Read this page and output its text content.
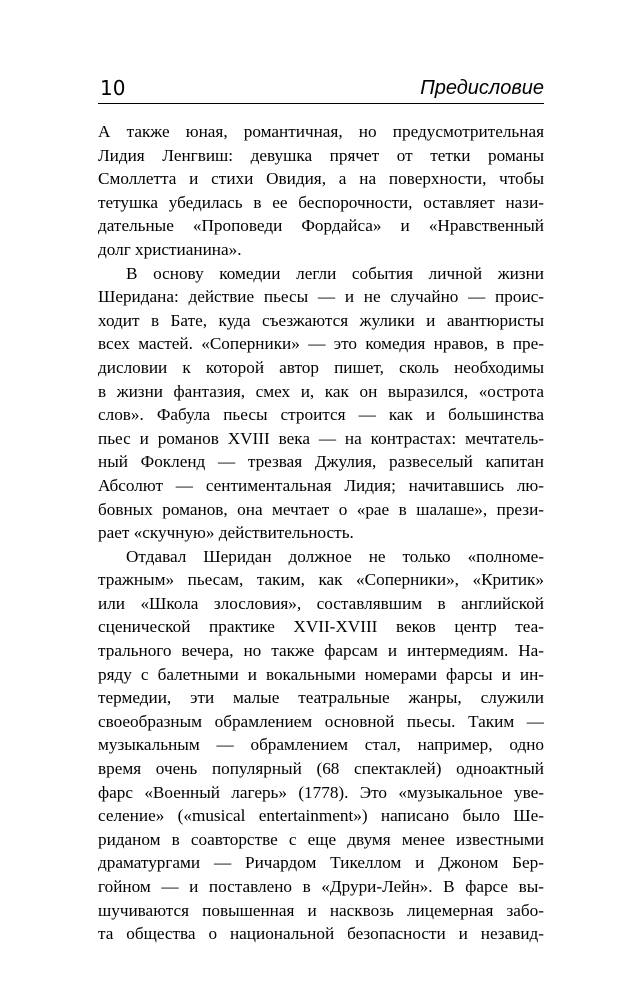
10	Предисловие

А также юная, романтичная, но предусмотрительная
Лидия Ленгвиш: девушка прячет от тетки романы
Смоллетта и стихи Овидия, а на поверхности, чтобы
тетушка убедилась в ее беспорочности, оставляет нази-
дательные «Проповеди Фордайса» и «Нравственный
долг христианина».

В основу комедии легли события личной жизни
Шеридана: действие пьесы — и не случайно — проис-
ходит в Бате, куда съезжаются жулики и авантюристы
всех мастей. «Соперники» — это комедия нравов, в пре-
дисловии к которой автор пишет, сколь необходимы
в жизни фантазия, смех и, как он выразился, «острота
слов». Фабула пьесы строится — как и большинства
пьес и романов XVIII века — на контрастах: мечтатель-
ный Фокленд — трезвая Джулия, развеселый капитан
Абсолют — сентиментальная Лидия; начитавшись лю-
бовных романов, она мечтает о «рае в шалаше», прези-
рает «скучную» действительность.

Отдавал Шеридан должное не только «полноме-
тражным» пьесам, таким, как «Соперники», «Критик»
или «Школа злословия», составлявшим в английской
сценической практике XVII-XVIII веков центр теа-
трального вечера, но также фарсам и интермедиям. На-
ряду с балетными и вокальными номерами фарсы и ин-
термедии, эти малые театральные жанры, служили
своеобразным обрамлением основной пьесы. Таким —
музыкальным — обрамлением стал, например, одно
время очень популярный (68 спектаклей) одноактный
фарс «Военный лагерь» (1778). Это «музыкальное уве-
селение» («musical entertainment») написано было Ше-
риданом в соавторстве с еще двумя менее известными
драматургами — Ричардом Тикеллом и Джоном Бер-
гойном — и поставлено в «Друри-Лейн». В фарсе вы-
шучиваются повышенная и насквозь лицемерная забо-
та общества о национальной безопасности и незавид-
